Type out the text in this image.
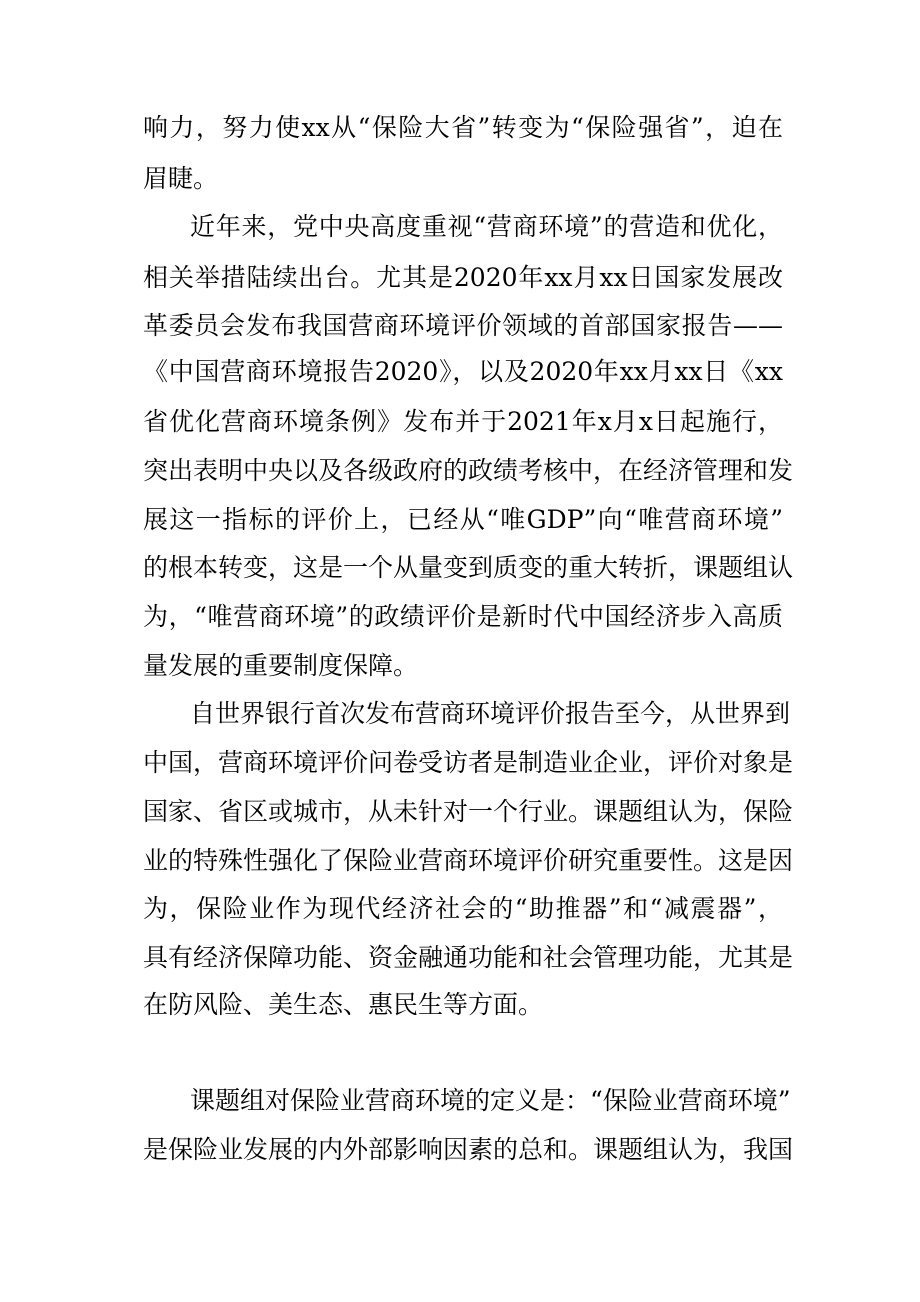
响力，努力使xx从“保险大省”转变为“保险强省”，迫在
眉睫。
近年来，党中央高度重视“营商环境”的营造和优化，
相关举措陆续出台。尤其是2020年xx月xx日国家发展改
革委员会发布我国营商环境评价领域的首部国家报告——
《中国营商环境报告2020》，以及2020年xx月xx日《xx
省优化营商环境条例》发布并于2021年x月x日起施行，
突出表明中央以及各级政府的政绩考核中，在经济管理和发
展这一指标的评价上，已经从“唯GDP”向“唯营商环境”
的根本转变，这是一个从量变到质变的重大转折，课题组认
为，“唯营商环境”的政绩评价是新时代中国经济步入高质
量发展的重要制度保障。
自世界银行首次发布营商环境评价报告至今，从世界到
中国，营商环境评价问卷受访者是制造业企业，评价对象是
国家、省区或城市，从未针对一个行业。课题组认为，保险
业的特殊性强化了保险业营商环境评价研究重要性。这是因
为，保险业作为现代经济社会的“助推器”和“减震器”，
具有经济保障功能、资金融通功能和社会管理功能，尤其是
在防风险、美生态、惠民生等方面。
课题组对保险业营商环境的定义是：“保险业营商环境”
是保险业发展的内外部影响因素的总和。课题组认为，我国
